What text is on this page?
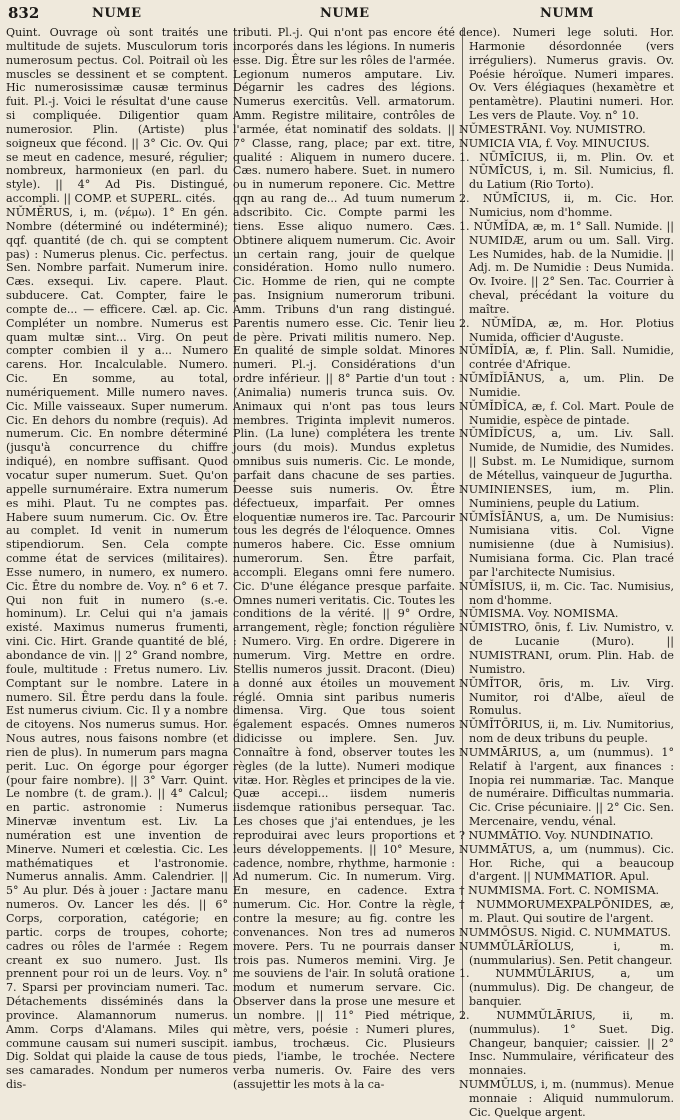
832	NUME	NUME	NUMM

Quint. Ouvrage où sont traités une multitude de sujets. Musculorum toris numerosum pectus. Col. Poitrail où les muscles se dessinent et se comptent. Hic numerosissimæ causæ terminus fuit. Pl.-j. Voici le résultat d'une cause si compliquée. Diligentior quam numerosior. Plin. (Artiste) plus soigneux que fécond. || 3° Cic. Ov. Qui se meut en cadence, mesuré, régulier; nombreux, harmonieux (en parl. du style). || 4° Ad Pis. Distingué, accompli. || COMP. et SUPERL. cités.

NŬMĔRUS, i, m. (νέμω). 1° En gén. Nombre (déterminé ou indéterminé); qqf. quantité (de ch. qui se comptent pas) : Numerus plenus. Cic. perfectus. Sen. Nombre parfait. Numerum inire. Cæs. exsequi. Liv. capere. Plaut. subducere. Cat. Compter, faire le compte de... — efficere. Cæl. ap. Cic. Compléter un nombre. Numerus est quam multæ sint... Virg. On peut compter combien il y a... Numero carens. Hor. Incalculable. Numero. Cic. En somme, au total, numériquement. Mille numero naves. Cic. Mille vaisseaux. Super numerum. Cic. En dehors du nombre (requis). Ad numerum. Cic. En nombre déterminé (jusqu'à concurrence du chiffre indiqué), en nombre suffisant. Quod vocatur super numerum. Suet. Qu'on appelle surnuméraire. Extra numerum es mihi. Plaut. Tu ne comptes pas. Habere suum numerum. Cic. Ov. Être au complet. Id venit in numerum stipendiorum. Sen. Cela compte comme état de services (militaires). Esse numero, in numero, ex numero. Cic. Être du nombre de. Voy. n° 6 et 7. Qui non fuit in numero (s.-e. hominum). Lr. Celui qui n'a jamais existé. Maximus numerus frumenti, vini. Cic. Hirt. Grande quantité de blé, abondance de vin. || 2° Grand nombre, foule, multitude : Fretus numero. Liv. Comptant sur le nombre. Latere in numero. Sil. Être perdu dans la foule. Est numerus civium. Cic. Il y a nombre de citoyens. Nos numerus sumus. Hor. Nous autres, nous faisons nombre (et rien de plus). In numerum pars magna perit. Luc. On égorge pour égorger (pour faire nombre). || 3° Varr. Quint. Le nombre (t. de gram.). || 4° Calcul; en partic. astronomie : Numerus Minervæ inventum est. Liv. La numération est une invention de Minerve. Numeri et cœlestia. Cic. Les mathématiques et l'astronomie. Numerus annalis. Amm. Calendrier. || 5° Au plur. Dés à jouer : Jactare manu numeros. Ov. Lancer les dés. || 6° Corps, corporation, catégorie; en partic. corps de troupes, cohorte; cadres ou rôles de l'armée : Regem creant ex suo numero. Just. Ils prennent pour roi un de leurs. Voy. n° 7. Sparsi per provinciam numeri. Tac. Détachements disséminés dans la province. Alamannorum numerus. Amm. Corps d'Alamans. Miles qui commune causam sui numeri suscipit. Dig. Soldat qui plaide la cause de tous ses camarades. Nondum per numeros dis-

tributi. Pl.-j. Qui n'ont pas encore été incorporés dans les légions. In numeris esse. Dig. Être sur les rôles de l'armée. Legionum numeros amputare. Liv. Dégarnir les cadres des légions. Numerus exercitûs. Vell. armatorum. Amm. Registre militaire, contrôles de l'armée, état nominatif des soldats. || 7° Classe, rang, place; par ext. titre, qualité : Aliquem in numero ducere. Cæs. numero habere. Suet. in numero ou in numerum reponere. Cic. Mettre qqn au rang de... Ad tuum numerum adscribito. Cic. Compte parmi les tiens. Esse aliquo numero. Cæs. Obtinere aliquem numerum. Cic. Avoir un certain rang, jouir de quelque considération. Homo nullo numero. Cic. Homme de rien, qui ne compte pas. Insignium numerorum tribuni. Amm. Tribuns d'un rang distingué. Parentis numero esse. Cic. Tenir lieu de père. Privati militis numero. Nep. En qualité de simple soldat. Minores numeri. Pl.-j. Considérations d'un ordre inférieur. || 8° Partie d'un tout : (Animalia) numeris trunca suis. Ov. Animaux qui n'ont pas tous leurs membres. Triginta implevit numeros. Plin. (La lune) complétera les trente jours (du mois). Mundus expletus omnibus suis numeris. Cic. Le monde, parfait dans chacune de ses parties. Deesse suis numeris. Ov. Être défectueux, imparfait. Per omnes eloquentiæ numeros ire. Tac. Parcourir tous les degrés de l'éloquence. Omnes numeros habere. Cic. Esse omnium numerorum. Sen. Être parfait, accompli. Elegans omni fere numero. Cic. D'une élégance presque parfaite. Omnes numeri veritatis. Cic. Toutes les conditions de la vérité. || 9° Ordre, arrangement, règle; fonction régulière : Numero. Virg. En ordre. Digerere in numerum. Virg. Mettre en ordre. Stellis numeros jussit. Dracont. (Dieu) a donné aux étoiles un mouvement réglé. Omnia sint paribus numeris dimensa. Virg. Que tous soient également espacés. Omnes numeros didicisse ou implere. Sen. Juv. Connaître à fond, observer toutes les règles (de la lutte). Numeri modique vitæ. Hor. Règles et principes de la vie. Quæ accepi... iisdem numeris iisdemque rationibus persequar. Tac. Les choses que j'ai entendues, je les reproduirai avec leurs proportions et leurs développements. || 10° Mesure, cadence, nombre, rhythme, harmonie : Ad numerum. Cic. In numerum. Virg. En mesure, en cadence. Extra numerum. Cic. Hor. Contre la règle, contre la mesure; au fig. contre les convenances. Non tres ad numeros movere. Pers. Tu ne pourrais danser trois pas. Numeros memini. Virg. Je me souviens de l'air. In solutâ oratione modum et numerum servare. Cic. Observer dans la prose une mesure et un nombre. || 11° Pied métrique, mètre, vers, poésie : Numeri plures, iambus, trochæus. Cic. Plusieurs pieds, l'iambe, le trochée. Nectere verba numeris. Ov. Faire des vers (assujettir les mots à la ca-

dence). Numeri lege soluti. Hor. Harmonie désordonnée (vers irréguliers). Numerus gravis. Ov. Poésie héroïque. Numeri impares. Ov. Vers élégiaques (hexamètre et pentamètre). Plautini numeri. Hor. Les vers de Plaute. Voy. n° 10.

NŬMESTRĀNI. Voy. NUMISTRO.

NUMICIA VIA, f. Voy. MINUCIUS.

1. NŪMĪCIUS, ii, m. Plin. Ov. et NŪMĪCUS, i, m. Sil. Numicius, fl. du Latium (Rio Torto).

2. NŬMĪCIUS, ii, m. Cic. Hor. Numicius, nom d'homme.

1. NŬMĬDA, æ, m. 1° Sall. Numide. || NUMIDÆ, arum ou um. Sall. Virg. Les Numides, hab. de la Numidie. || Adj. m. De Numidie : Deus Numida. Ov. Ivoire. || 2° Sen. Tac. Courrier à cheval, précédant la voiture du maître.

2. NŬMĬDA, æ, m. Hor. Plotius Numida, officier d'Auguste.

NŬMĬDĬA, æ, f. Plin. Sall. Numidie, contrée d'Afrique.

NŬMĬDĬĀNUS, a, um. Plin. De Numidie.

NŬMĬDĬCA, æ, f. Col. Mart. Poule de Numidie, espèce de pintade.

NŬMĬDĬCUS, a, um. Liv. Sall. Numide, de Numidie, des Numides. || Subst. m. Le Numidique, surnom de Métellus, vainqueur de Jugurtha.

NUMINIENSES, ium, m. Plin. Numiniens, peuple du Latium.

NŬMĬSĬĀNUS, a, um. De Numisius: Numisiana vitis. Col. Vigne numisienne (due à Numisius). Numisiana forma. Cic. Plan tracé par l'architecte Numisius.

NŬMĬSIUS, ii, m. Cic. Tac. Numisius, nom d'homme.

NŬMISMA. Voy. NOMISMA.

NŬMISTRO, ōnis, f. Liv. Numistro, v. de Lucanie (Muro). || NUMISTRANI, orum. Plin. Hab. de Numistro.

NŬMĬTOR, ōris, m. Liv. Virg. Numitor, roi d'Albe, aïeul de Romulus.

NŬMĬTŌRIUS, ii, m. Liv. Numitorius, nom de deux tribuns du peuple.

NUMMĀRIUS, a, um (nummus). 1° Relatif à l'argent, aux finances : Inopia rei nummariæ. Tac. Manque de numéraire. Difficultas nummaria. Cic. Crise pécuniaire. || 2° Cic. Sen. Mercenaire, vendu, vénal.

? NUMMĀTIO. Voy. NUNDINATIO.

NUMMĀTUS, a, um (nummus). Cic. Hor. Riche, qui a beaucoup d'argent. || NUMMATIOR. Apul.

† NUMMISMA. Fort. C. NOMISMA.

† NUMMORUMEXPALPŌNIDES, æ, m. Plaut. Qui soutire de l'argent.

NUMMŌSUS. Nigid. C. NUMMATUS.

NUMMŬLĀRĬOLUS, i, m. (nummularius). Sen. Petit changeur.

1. NUMMŬLĀRIUS, a, um (nummulus). Dig. De changeur, de banquier.

2. NUMMŬLĀRIUS, ii, m. (nummulus). 1° Suet. Dig. Changeur, banquier; caissier. || 2° Insc. Nummulaire, vérificateur des monnaies.

NUMMŬLUS, i, m. (nummus). Menue monnaie : Aliquid nummulorum. Cic. Quelque argent.
